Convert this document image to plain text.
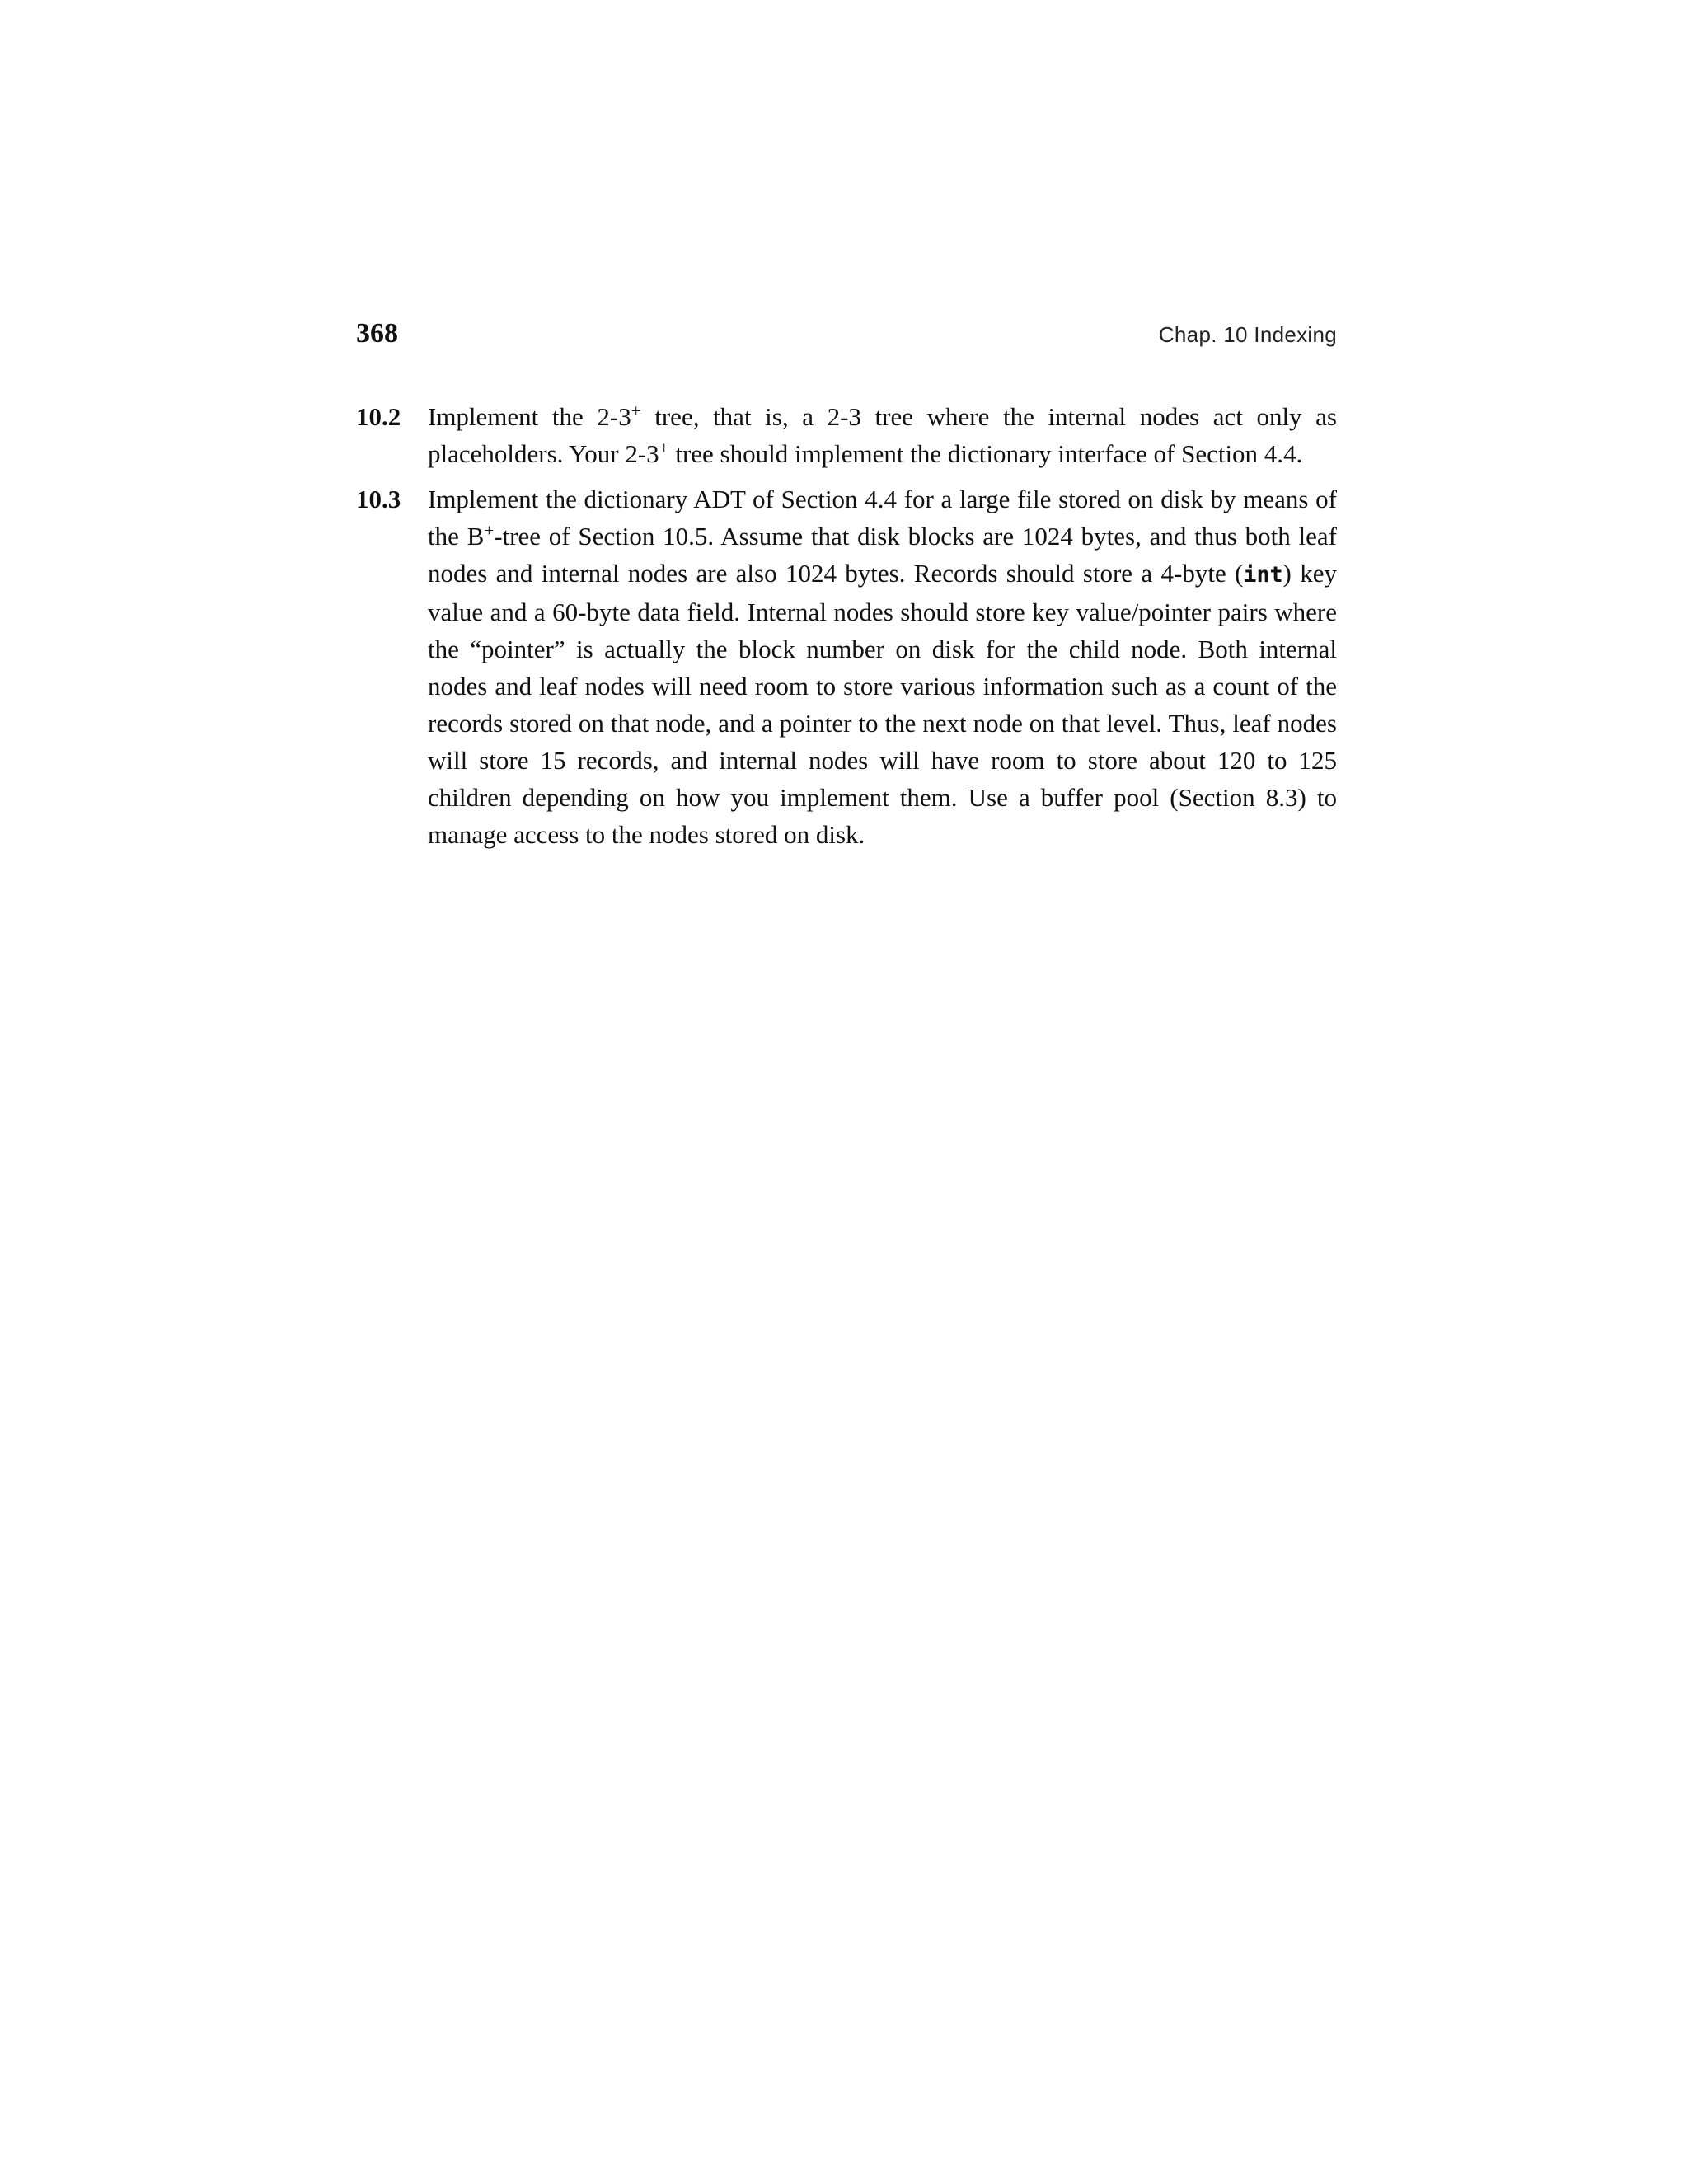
368	Chap. 10 Indexing
10.2	Implement the 2-3+ tree, that is, a 2-3 tree where the internal nodes act only as placeholders. Your 2-3+ tree should implement the dictionary interface of Section 4.4.

10.3	Implement the dictionary ADT of Section 4.4 for a large file stored on disk by means of the B+-tree of Section 10.5. Assume that disk blocks are 1024 bytes, and thus both leaf nodes and internal nodes are also 1024 bytes. Records should store a 4-byte (int) key value and a 60-byte data field. Internal nodes should store key value/pointer pairs where the “pointer” is actually the block number on disk for the child node. Both internal nodes and leaf nodes will need room to store various information such as a count of the records stored on that node, and a pointer to the next node on that level. Thus, leaf nodes will store 15 records, and internal nodes will have room to store about 120 to 125 children depending on how you implement them. Use a buffer pool (Section 8.3) to manage access to the nodes stored on disk.
